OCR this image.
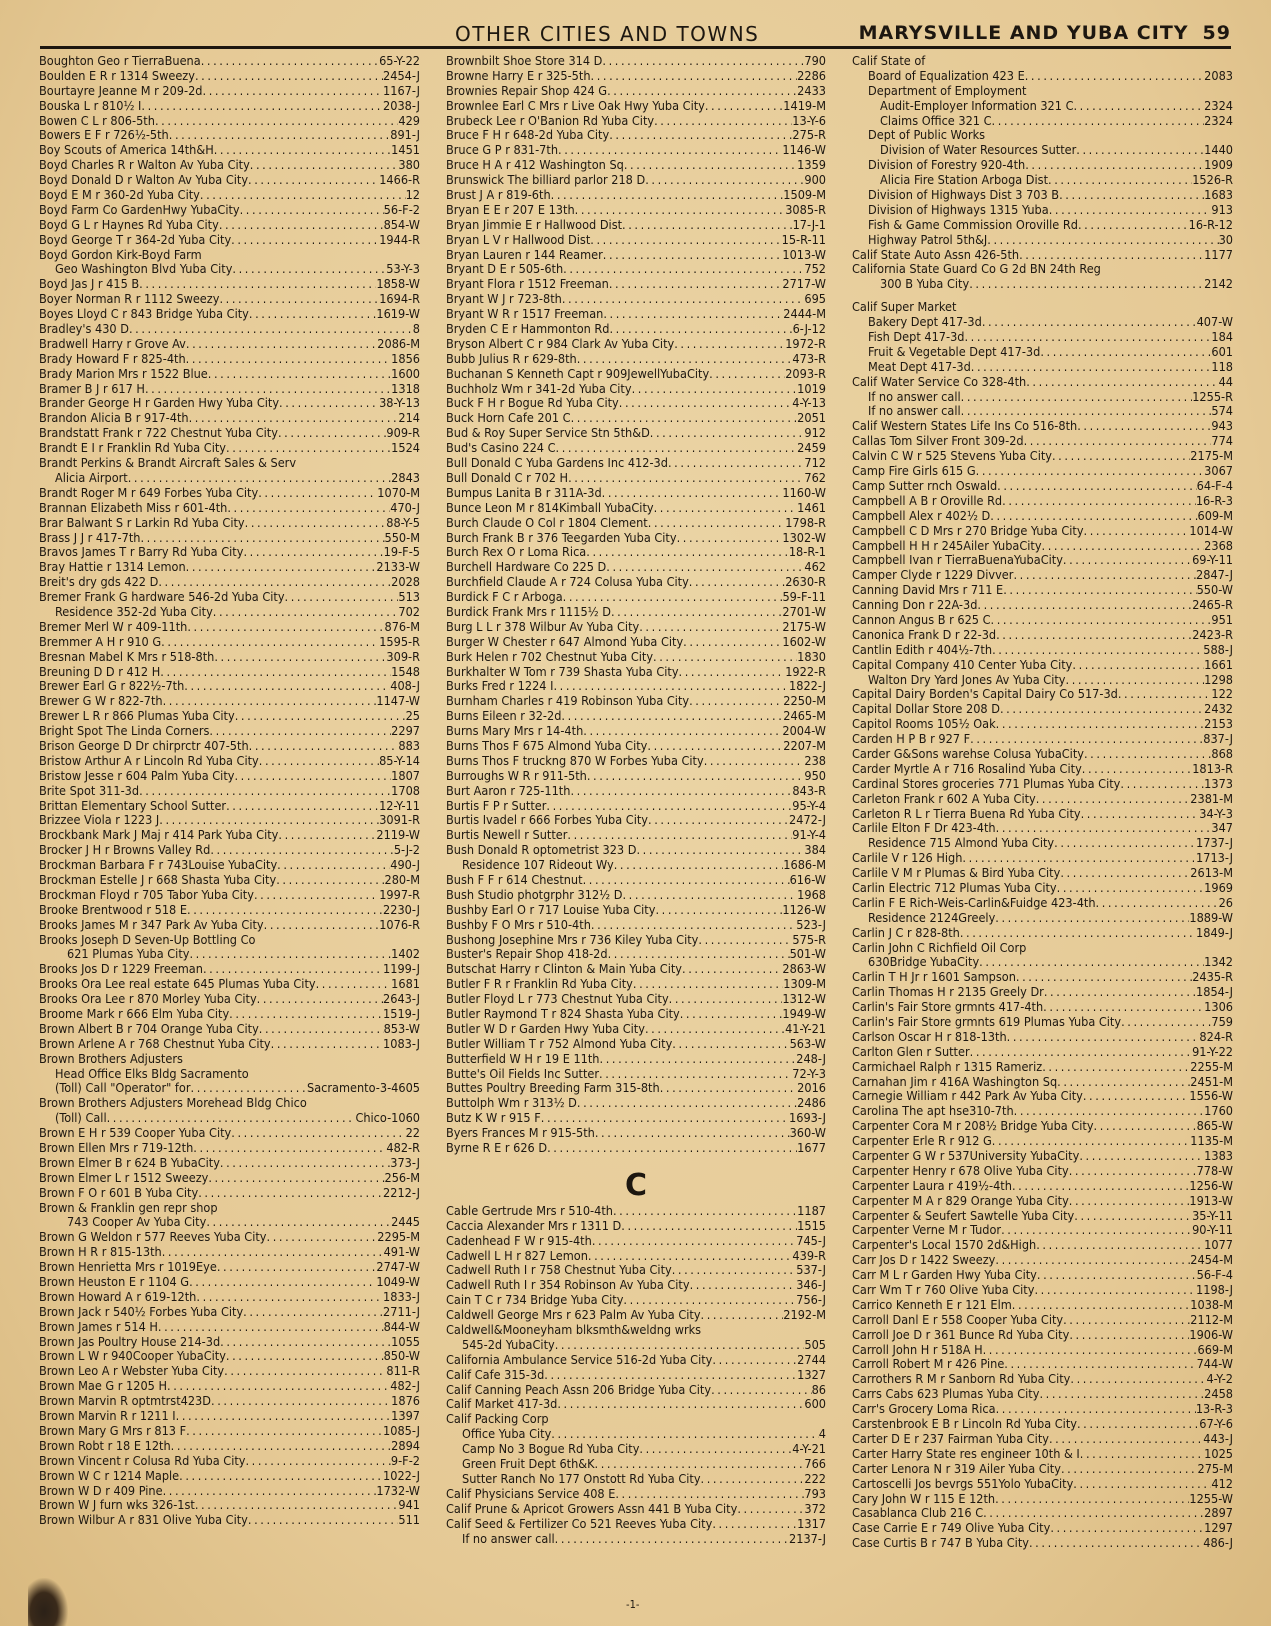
OTHER CITIES AND TOWNS	MARYSVILLE AND YUBA CITY 59
Boughton Geo r TierraBuena . . .	65-Y-22
Boulden E R r 1314 Sweezy . . .	2454-J
Bourtayre Jeanne M r 209-2d . . .	1167-J
Bouska L r 810½ I . . .	2038-J
Bowen C L r 806-5th . . .	429
Bowers E F r 726½-5th . . .	891-J
Boy Scouts of America 14th&H . . .	1451
Boyd Charles R r Walton Av Yuba City . . .	380
Boyd Donald D r Walton Av Yuba City . . .	1466-R
Boyd E M r 360-2d Yuba City . . .	12
Boyd Farm Co GardenHwy YubaCity . . .	56-F-2
Boyd G L r Haynes Rd Yuba City . . .	854-W
Boyd George T r 364-2d Yuba City . . .	1944-R
Boyd Gordon Kirk-Boyd Farm
Geo Washington Blvd Yuba City . . .	53-Y-3
Boyd Jas J r 415 B . . .	1858-W
Boyer Norman R r 1112 Sweezy . . .	1694-R
Boyes Lloyd C r 843 Bridge Yuba City . . .	1619-W
Bradley's 430 D . . .	8
Bradwell Harry r Grove Av . . .	2086-M
Brady Howard F r 825-4th . . .	1856
Brady Marion Mrs r 1522 Blue . . .	1600
Bramer B J r 617 H . . .	1318
Brander George H r Garden Hwy Yuba City . . .	38-Y-13
Brandon Alicia B r 917-4th . . .	214
Brandstatt Frank r 722 Chestnut Yuba City . . .	909-R
Brandt E I r Franklin Rd Yuba City . . .	1524
Brandt Perkins & Brandt Aircraft Sales & Serv
Alicia Airport . . .	2843
Brandt Roger M r 649 Forbes Yuba City . . .	1070-M
Brannan Elizabeth Miss r 601-4th . . .	470-J
Brar Balwant S r Larkin Rd Yuba City . . .	88-Y-5
Brass J J r 417-7th . . .	550-M
Bravos James T r Barry Rd Yuba City . . .	19-F-5
Bray Hattie r 1314 Lemon . . .	2133-W
Breit's dry gds 422 D . . .	2028
Bremer Frank G hardware 546-2d Yuba City . . .	513
Residence 352-2d Yuba City . . .	702
Bremer Merl W r 409-11th . . .	876-M
Bremmer A H r 910 G . . .	1595-R
Bresnan Mabel K Mrs r 518-8th . . .	309-R
Breuning D D r 412 H . . .	1548
Brewer Earl G r 822½-7th . . .	408-J
Brewer G W r 822-7th . . .	1147-W
Brewer L R r 866 Plumas Yuba City . . .	25
Bright Spot The Linda Corners . . .	2297
Brison George D Dr chirprctr 407-5th . . .	883
Bristow Arthur A r Lincoln Rd Yuba City . . .	85-Y-14
Bristow Jesse r 604 Palm Yuba City . . .	1807
Brite Spot 311-3d . . .	1708
Brittan Elementary School Sutter . . .	12-Y-11
Brizzee Viola r 1223 J . . .	3091-R
Brockbank Mark J Maj r 414 Park Yuba City . . .	2119-W
Brocker J H r Browns Valley Rd . . .	5-J-2
Brockman Barbara F r 743Louise YubaCity . . .	490-J
Brockman Estelle J r 668 Shasta Yuba City . . .	280-M
Brockman Floyd r 705 Tabor Yuba City . . .	1997-R
Brooke Brentwood r 518 E . . .	2230-J
Brooks James M r 347 Park Av Yuba City . . .	1076-R
Brooks Joseph D Seven-Up Bottling Co
621 Plumas Yuba City . . .	1402
Brooks Jos D r 1229 Freeman . . .	1199-J
Brooks Ora Lee real estate 645 Plumas Yuba City . . .	1681
Brooks Ora Lee r 870 Morley Yuba City . . .	2643-J
Broome Mark r 666 Elm Yuba City . . .	1519-J
Brown Albert B r 704 Orange Yuba City . . .	853-W
Brown Arlene A r 768 Chestnut Yuba City . . .	1083-J
Brown Brothers Adjusters
Head Office Elks Bldg Sacramento
(Toll) Call "Operator" for . . .	Sacramento-3-4605
Brown Brothers Adjusters Morehead Bldg Chico
(Toll) Call . . .	Chico-1060
Brown E H r 539 Cooper Yuba City . . .	22
Brown Ellen Mrs r 719-12th . . .	482-R
Brown Elmer B r 624 B YubaCity . . .	373-J
Brown Elmer L r 1512 Sweezy . . .	256-M
Brown F O r 601 B Yuba City . . .	2212-J
Brown & Franklin gen repr shop
743 Cooper Av Yuba City . . .	2445
Brown G Weldon r 577 Reeves Yuba City . . .	2295-M
Brown H R r 815-13th . . .	491-W
Brown Henrietta Mrs r 1019Eye . . .	2747-W
Brown Heuston E r 1104 G . . .	1049-W
Brown Howard A r 619-12th . . .	1833-J
Brown Jack r 540½ Forbes Yuba City . . .	2711-J
Brown James r 514 H . . .	844-W
Brown Jas Poultry House 214-3d . . .	1055
Brown L W r 940Cooper YubaCity . . .	850-W
Brown Leo A r Webster Yuba City . . .	811-R
Brown Mae G r 1205 H . . .	482-J
Brown Marvin R optmtrst423D . . .	1876
Brown Marvin R r 1211 I . . .	1397
Brown Mary G Mrs r 813 F . . .	1085-J
Brown Robt r 18 E 12th . . .	2894
Brown Vincent r Colusa Rd Yuba City . . .	9-F-2
Brown W C r 1214 Maple . . .	1022-J
Brown W D r 409 Pine . . .	1732-W
Brown W J furn wks 326-1st . . .	941
Brown Wilbur A r 831 Olive Yuba City . . .	511
Brownbilt Shoe Store 314 D . . .	790
Browne Harry E r 325-5th . . .	2286
Brownies Repair Shop 424 G . . .	2433
Brownlee Earl C Mrs r Live Oak Hwy Yuba City . . .	1419-M
Brubeck Lee r O'Banion Rd Yuba City . . .	13-Y-6
Bruce F H r 648-2d Yuba City . . .	275-R
Bruce G P r 831-7th . . .	1146-W
Bruce H A r 412 Washington Sq . . .	1359
Brunswick The billiard parlor 218 D . . .	900
Brust J A r 819-6th . . .	1509-M
Bryan E E r 207 E 13th . . .	3085-R
Bryan Jimmie E r Hallwood Dist . . .	17-J-1
Bryan L V r Hallwood Dist . . .	15-R-11
Bryan Lauren r 144 Reamer . . .	1013-W
Bryant D E r 505-6th . . .	752
Bryant Flora r 1512 Freeman . . .	2717-W
Bryant W J r 723-8th . . .	695
Bryant W R r 1517 Freeman . . .	2444-M
Bryden C E r Hammonton Rd . . .	6-J-12
Bryson Albert C r 984 Clark Av Yuba City . . .	1972-R
Bubb Julius R r 629-8th . . .	473-R
Buchanan S Kenneth Capt r 909JewellYubaCity . . .	2093-R
Buchholz Wm r 341-2d Yuba City . . .	1019
Buck F H r Bogue Rd Yuba City . . .	4-Y-13
Buck Horn Cafe 201 C . . .	2051
Bud & Roy Super Service Stn 5th&D . . .	912
Bud's Casino 224 C . . .	2459
Bull Donald C Yuba Gardens Inc 412-3d . . .	712
Bull Donald C r 702 H . . .	762
Bumpus Lanita B r 311A-3d . . .	1160-W
Bunce Leon M r 814Kimball YubaCity . . .	1461
Burch Claude O Col r 1804 Clement . . .	1798-R
Burch Frank B r 376 Teegarden Yuba City . . .	1302-W
Burch Rex O r Loma Rica . . .	18-R-1
Burchell Hardware Co 225 D . . .	462
Burchfield Claude A r 724 Colusa Yuba City . . .	2630-R
Burdick F C r Arboga . . .	59-F-11
Burdick Frank Mrs r 1115½ D . . .	2701-W
Burg L L r 378 Wilbur Av Yuba City . . .	2175-W
Burger W Chester r 647 Almond Yuba City . . .	1602-W
Burk Helen r 702 Chestnut Yuba City . . .	1830
Burkhalter W Tom r 739 Shasta Yuba City . . .	1922-R
Burks Fred r 1224 I . . .	1822-J
Burnham Charles r 419 Robinson Yuba City . . .	2250-M
Burns Eileen r 32-2d . . .	2465-M
Burns Mary Mrs r 14-4th . . .	2004-W
Burns Thos F 675 Almond Yuba City . . .	2207-M
Burns Thos F truckng 870 W Forbes Yuba City . . .	238
Burroughs W R r 911-5th . . .	950
Burt Aaron r 725-11th . . .	843-R
Burtis F P r Sutter . . .	95-Y-4
Burtis Ivadel r 666 Forbes Yuba City . . .	2472-J
Burtis Newell r Sutter . . .	91-Y-4
Bush Donald R optometrist 323 D . . .	384
Residence 107 Rideout Wy . . .	1686-M
Bush F F r 614 Chestnut . . .	616-W
Bush Studio photgrphr 312½ D . . .	1968
Bushby Earl O r 717 Louise Yuba City . . .	1126-W
Bushby F O Mrs r 510-4th . . .	523-J
Bushong Josephine Mrs r 736 Kiley Yuba City . . .	575-R
Buster's Repair Shop 418-2d . . .	501-W
Butschat Harry r Clinton & Main Yuba City . . .	2863-W
Butler F R r Franklin Rd Yuba City . . .	1309-M
Butler Floyd L r 773 Chestnut Yuba City . . .	1312-W
Butler Raymond T r 824 Shasta Yuba City . . .	1949-W
Butler W D r Garden Hwy Yuba City . . .	41-Y-21
Butler William T r 752 Almond Yuba City . . .	563-W
Butterfield W H r 19 E 11th . . .	248-J
Butte's Oil Fields Inc Sutter . . .	72-Y-3
Buttes Poultry Breeding Farm 315-8th . . .	2016
Buttolph Wm r 313½ D . . .	2486
Butz K W r 915 F . . .	1693-J
Byers Frances M r 915-5th . . .	360-W
Byrne R E r 626 D . . .	1677
C
Cable Gertrude Mrs r 510-4th . . .	1187
Caccia Alexander Mrs r 1311 D . . .	1515
Cadenhead F W r 915-4th . . .	745-J
Cadwell L H r 827 Lemon . . .	439-R
Cadwell Ruth I r 758 Chestnut Yuba City . . .	537-J
Cadwell Ruth I r 354 Robinson Av Yuba City . . .	346-J
Cain T C r 734 Bridge Yuba City . . .	756-J
Caldwell George Mrs r 623 Palm Av Yuba City . . .	2192-M
Caldwell&Mooneyham blksmth&weldng wrks
545-2d YubaCity . . .	505
California Ambulance Service 516-2d Yuba City . . .	2744
Calif Cafe 315-3d . . .	1327
Calif Canning Peach Assn 206 Bridge Yuba City . . .	86
Calif Market 417-3d . . .	600
Calif Packing Corp
Office Yuba City . . .	4
Camp No 3 Bogue Rd Yuba City . . .	4-Y-21
Green Fruit Dept 6th&K . . .	766
Sutter Ranch No 177 Onstott Rd Yuba City . . .	222
Calif Physicians Service 408 E . . .	793
Calif Prune & Apricot Growers Assn 441 B Yuba City . . .	372
Calif Seed & Fertilizer Co 521 Reeves Yuba City . . .	1317
If no answer call . . .	2137-J
Calif State of
Board of Equalization 423 E . . .	2083
Department of Employment
Audit-Employer Information 321 C . . .	2324
Claims Office 321 C . . .	2324
Dept of Public Works
Division of Water Resources Sutter . . .	1440
Division of Forestry 920-4th . . .	1909
Alicia Fire Station Arboga Dist . . .	1526-R
Division of Highways Dist 3 703 B . . .	1683
Division of Highways 1315 Yuba . . .	913
Fish & Game Commission Oroville Rd . . .	16-R-12
Highway Patrol 5th&J . . .	30
Calif State Auto Assn 426-5th . . .	1177
California State Guard Co G 2d BN 24th Reg
300 B Yuba City . . .	2142
Calif Super Market
Bakery Dept 417-3d . . .	407-W
Fish Dept 417-3d . . .	184
Fruit & Vegetable Dept 417-3d . . .	601
Meat Dept 417-3d . . .	118
Calif Water Service Co 328-4th . . .	44
If no answer call . . .	1255-R
If no answer call . . .	574
Calif Western States Life Ins Co 516-8th . . .	943
Callas Tom Silver Front 309-2d . . .	774
Calvin C W r 525 Stevens Yuba City . . .	2175-M
Camp Fire Girls 615 G . . .	3067
Camp Sutter rnch Oswald . . .	64-F-4
Campbell A B r Oroville Rd . . .	16-R-3
Campbell Alex r 402½ D . . .	609-M
Campbell C D Mrs r 270 Bridge Yuba City . . .	1014-W
Campbell H H r 245Ailer YubaCity . . .	2368
Campbell Ivan r TierraBuenaYubaCity . . .	69-Y-11
Camper Clyde r 1229 Divver . . .	2847-J
Canning David Mrs r 711 E . . .	550-W
Canning Don r 22A-3d . . .	2465-R
Cannon Angus B r 625 C . . .	951
Canonica Frank D r 22-3d . . .	2423-R
Cantlin Edith r 404½-7th . . .	588-J
Capital Company 410 Center Yuba City . . .	1661
Walton Dry Yard Jones Av Yuba City . . .	1298
Capital Dairy Borden's Capital Dairy Co 517-3d . . .	122
Capital Dollar Store 208 D . . .	2432
Capitol Rooms 105½ Oak . . .	2153
Carden H P B r 927 F . . .	837-J
Carder G&Sons warehse Colusa YubaCity . . .	868
Carder Myrtle A r 716 Rosalind Yuba City . . .	1813-R
Cardinal Stores groceries 771 Plumas Yuba City . . .	1373
Carleton Frank r 602 A Yuba City . . .	2381-M
Carleton R L r Tierra Buena Rd Yuba City . . .	34-Y-3
Carlile Elton F Dr 423-4th . . .	347
Residence 715 Almond Yuba City . . .	1737-J
Carlile V r 126 High . . .	1713-J
Carlile V M r Plumas & Bird Yuba City . . .	2613-M
Carlin Electric 712 Plumas Yuba City . . .	1969
Carlin F E Rich-Weis-Carlin&Fuidge 423-4th . . .	26
Residence 2124Greely . . .	1889-W
Carlin J C r 828-8th . . .	1849-J
Carlin John C Richfield Oil Corp
630Bridge YubaCity . . .	1342
Carlin T H Jr r 1601 Sampson . . .	2435-R
Carlin Thomas H r 2135 Greely Dr . . .	1854-J
Carlin's Fair Store grmnts 417-4th . . .	1306
Carlin's Fair Store grmnts 619 Plumas Yuba City . . .	759
Carlson Oscar H r 818-13th . . .	824-R
Carlton Glen r Sutter . . .	91-Y-22
Carmichael Ralph r 1315 Rameriz . . .	2255-M
Carnahan Jim r 416A Washington Sq . . .	2451-M
Carnegie William r 442 Park Av Yuba City . . .	1556-W
Carolina The apt hse310-7th . . .	1760
Carpenter Cora M r 208½ Bridge Yuba City . . .	865-W
Carpenter Erle R r 912 G . . .	1135-M
Carpenter G W r 537University YubaCity . . .	1383
Carpenter Henry r 678 Olive Yuba City . . .	778-W
Carpenter Laura r 419½-4th . . .	1256-W
Carpenter M A r 829 Orange Yuba City . . .	1913-W
Carpenter & Seufert Sawtelle Yuba City . . .	35-Y-11
Carpenter Verne M r Tudor . . .	90-Y-11
Carpenter's Local 1570 2d&High . . .	1077
Carr Jos D r 1422 Sweezy . . .	2454-M
Carr M L r Garden Hwy Yuba City . . .	56-F-4
Carr Wm T r 760 Olive Yuba City . . .	1198-J
Carrico Kenneth E r 121 Elm . . .	1038-M
Carroll Danl E r 558 Cooper Yuba City . . .	2112-M
Carroll Joe D r 361 Bunce Rd Yuba City . . .	1906-W
Carroll John H r 518A H . . .	669-M
Carroll Robert M r 426 Pine . . .	744-W
Carrothers R M r Sanborn Rd Yuba City . . .	4-Y-2
Carrs Cabs 623 Plumas Yuba City . . .	2458
Carr's Grocery Loma Rica . . .	13-R-3
Carstenbrook E B r Lincoln Rd Yuba City . . .	67-Y-6
Carter D E r 237 Fairman Yuba City . . .	443-J
Carter Harry State res engineer 10th & I . . .	1025
Carter Lenora N r 319 Ailer Yuba City . . .	275-M
Cartoscelli Jos bevrgs 551Yolo YubaCity . . .	412
Cary John W r 115 E 12th . . .	1255-W
Casablanca Club 216 C . . .	2897
Case Carrie E r 749 Olive Yuba City . . .	1297
Case Curtis B r 747 B Yuba City . . .	486-J
-1-
